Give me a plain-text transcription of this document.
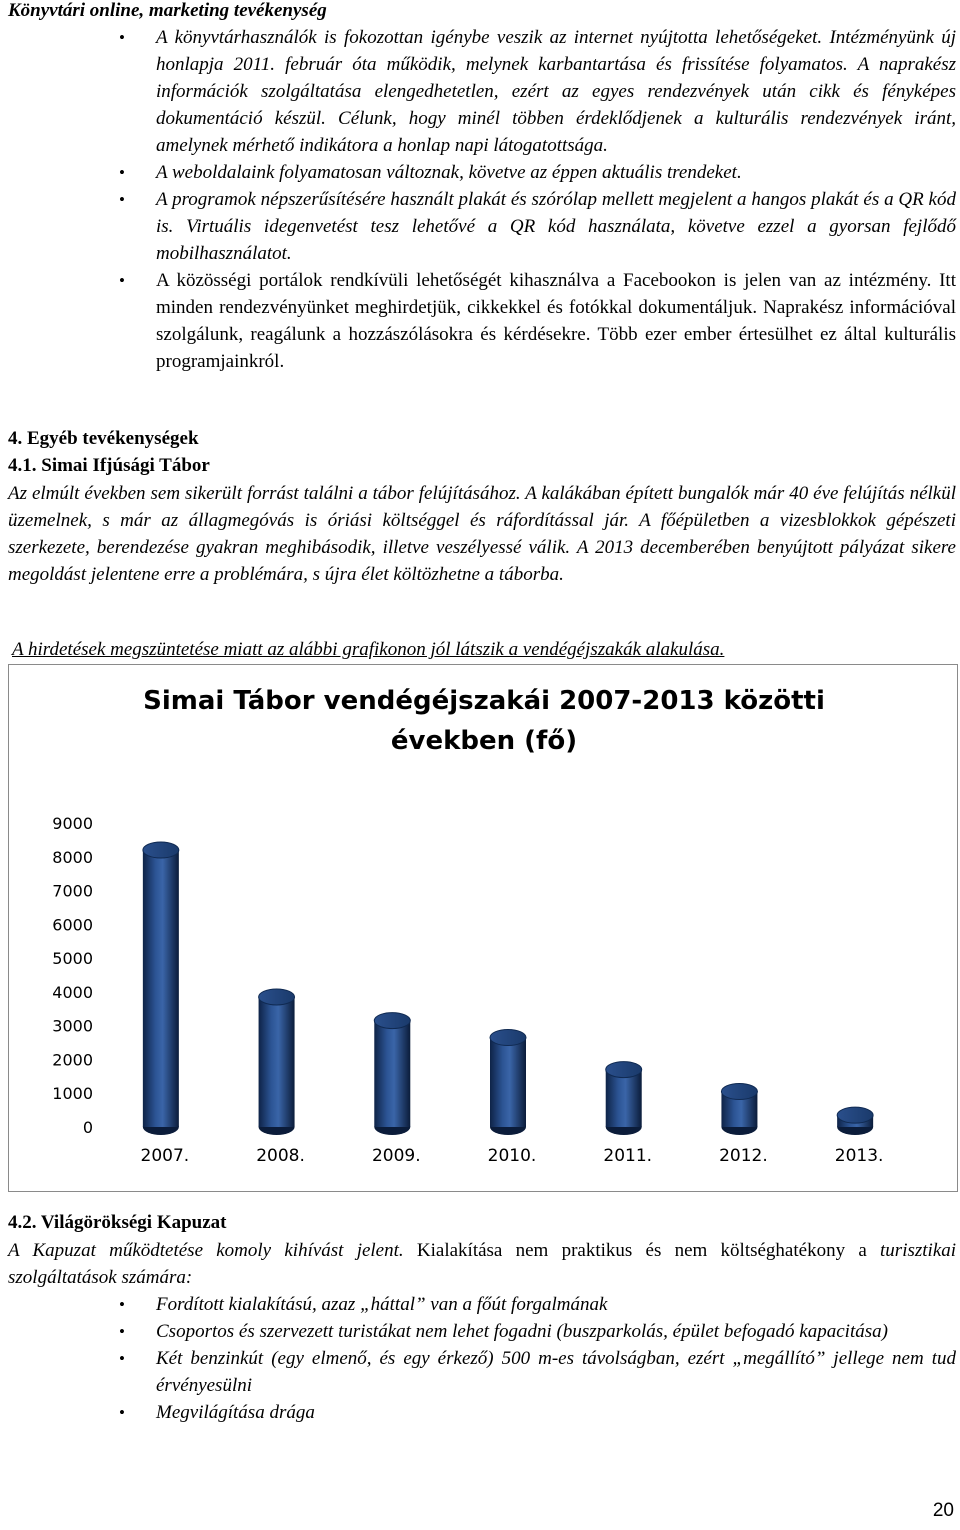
Könyvtári online, marketing tevékenység
• A könyvtárhasználók is fokozottan igénybe veszik az internet nyújtotta lehetőségeket. Intézményünk új honlapja 2011. február óta működik, melynek karbantartása és frissítése folyamatos. A naprakész információk szolgáltatása elengedhetetlen, ezért az egyes rendezvények után cikk és fényképes dokumentáció készül. Célunk, hogy minél többen érdeklődjenek a kulturális rendezvények iránt, amelynek mérhető indikátora a honlap napi látogatottsága.
• A weboldalaink folyamatosan változnak, követve az éppen aktuális trendeket.
• A programok népszerűsítésére használt plakát és szórólap mellett megjelent a hangos plakát és a QR kód is. Virtuális idegenvetést tesz lehetővé a QR kód használata, követve ezzel a gyorsan fejlődő mobilhasználatot.
• A közösségi portálok rendkívüli lehetőségét kihasználva a Facebookon is jelen van az intézmény. Itt minden rendezvényünket meghirdetjük, cikkekkel és fotókkal dokumentáljuk. Naprakész információval szolgálunk, reagálunk a hozzászólásokra és kérdésekre. Több ezer ember értesülhet ez által kulturális programjainkról.
4. Egyéb tevékenységek
4.1. Simai Ifjúsági Tábor

Az elmúlt években sem sikerült forrást találni a tábor felújításához. A kalákában épített bungalók már 40 éve felújítás nélkül üzemelnek, s már az állagmegóvás is óriási költséggel és ráfordítással jár. A főépületben a vizesblokkok gépészeti szerkezete, berendezése gyakran meghibásodik, illetve veszélyessé válik. A 2013 decemberében benyújtott pályázat sikere megoldást jelentene erre a problémára, s újra élet költözhetne a táborba.

A hirdetések megszüntetése miatt az alábbi grafikonon jól látszik a vendégéjszakák alakulása.
Simai Tábor vendégéjszakái 2007-2013 közötti
években (fő)
0
1000
2000
3000
4000
5000
6000
7000
8000
9000
2007.	2008.	2009.	2010.	2011.	2012.	2013.
4.2. Világörökségi Kapuzat

A Kapuzat működtetése komoly kihívást jelent. Kialakítása nem praktikus és nem költséghatékony a turisztikai szolgáltatások számára:

• Fordított kialakítású, azaz „háttal” van a főút forgalmának
• Csoportos és szervezett turistákat nem lehet fogadni (buszparkolás, épület befogadó kapacitása)
• Két benzinkút (egy elmenő, és egy érkező) 500 m-es távolságban, ezért „megállító” jellege nem tud érvényesülni
• Megvilágítása drága
20
